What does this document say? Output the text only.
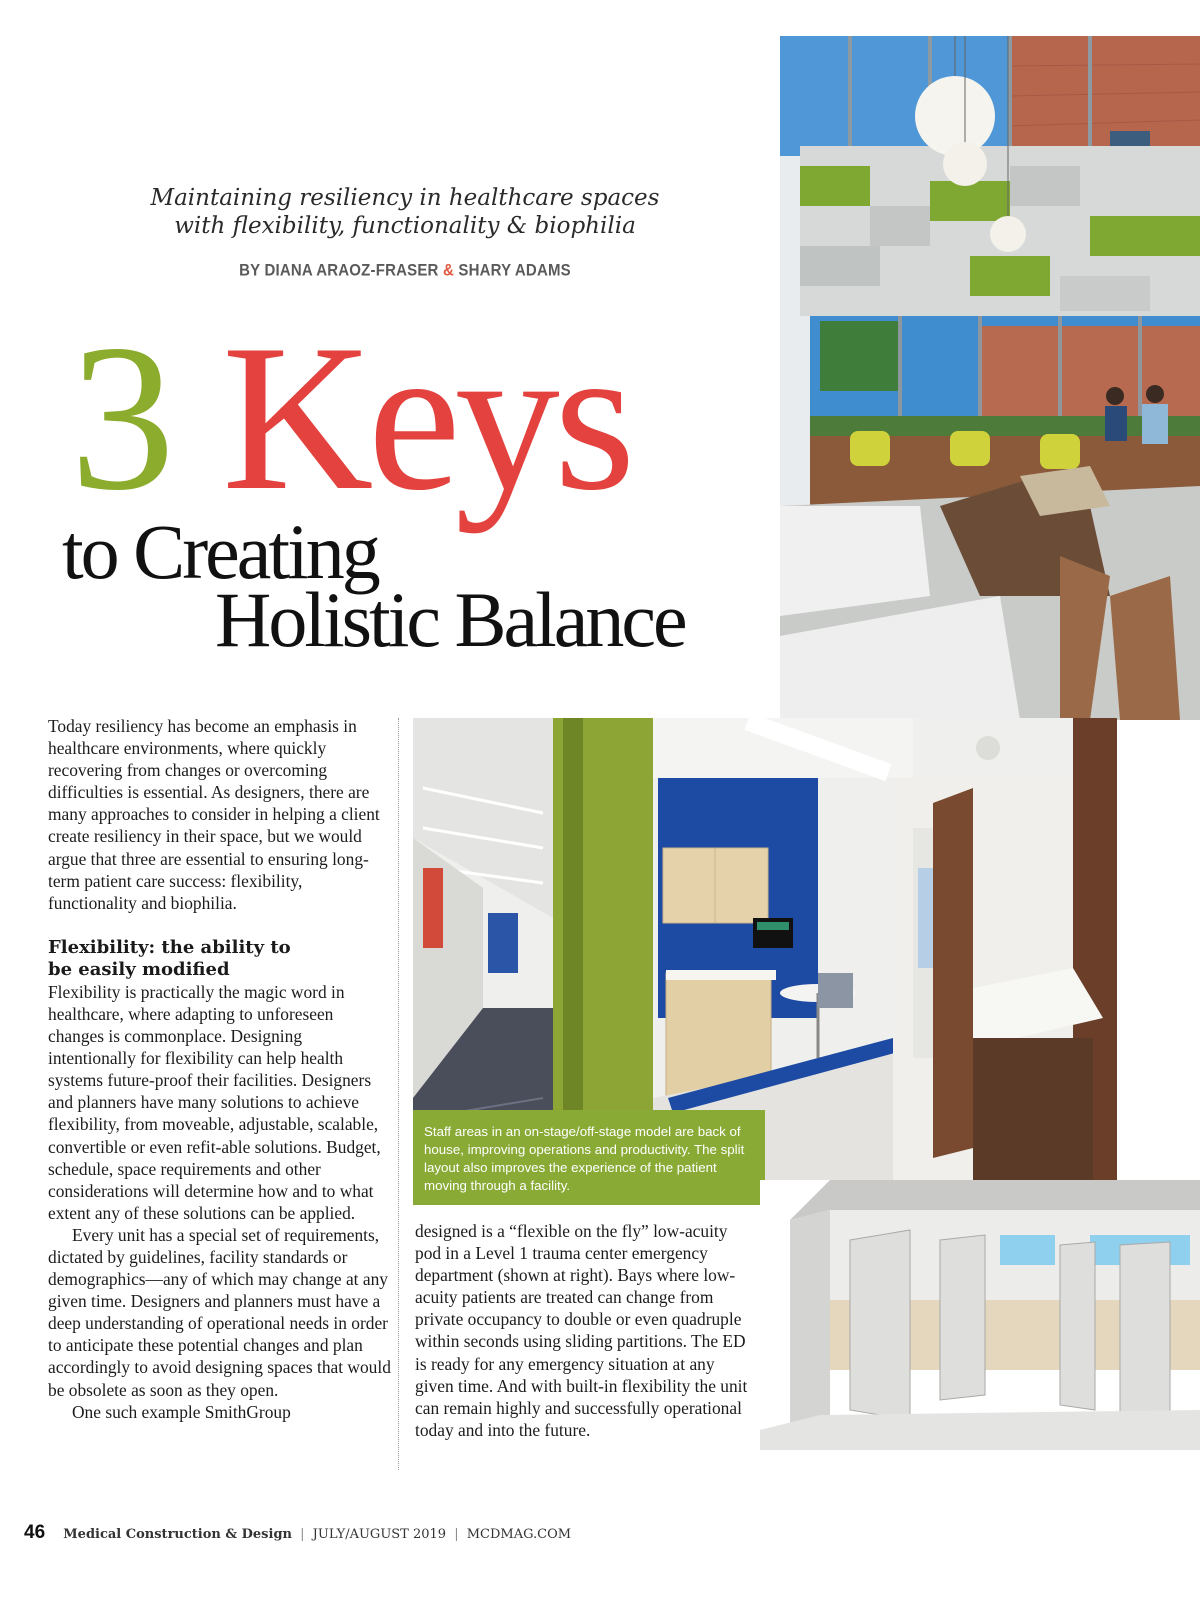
Maintaining resiliency in healthcare spaces
with flexibility, functionality & biophilia
BY DIANA ARAOZ-FRASER & SHARY ADAMS
3 Keys
to Creating
Holistic Balance
Staff areas in an on-stage/off-stage model are back of house, improving operations and productivity. The split layout also improves the experience of the patient moving through a facility.

Today resiliency has become an emphasis in healthcare environments, where quickly recovering from changes or overcoming difficulties is essential. As designers, there are many approaches to consider in helping a client create resiliency in their space, but we would argue that three are essential to ensuring long-term patient care success: flexibility, functionality and biophilia.

Flexibility: the ability to
be easily modified

Flexibility is practically the magic word in healthcare, where adapting to unforeseen changes is commonplace. Designing intentionally for flexibility can help health systems future-proof their facilities. Designers and planners have many solutions to achieve flexibility, from moveable, adjustable, scalable, convertible or even refit-able solutions. Budget, schedule, space requirements and other considerations will determine how and to what extent any of these solutions can be applied.

Every unit has a special set of requirements, dictated by guidelines, facility standards or demographics—any of which may change at any given time. Designers and planners must have a deep understanding of operational needs in order to anticipate these potential changes and plan accordingly to avoid designing spaces that would be obsolete as soon as they open.

One such example SmithGroup

designed is a “flexible on the fly” low-acuity pod in a Level 1 trauma center emergency department (shown at right). Bays where low-acuity patients are treated can change from private occupancy to double or even quadruple within seconds using sliding partitions. The ED is ready for any emergency situation at any given time. And with built-in flexibility the unit can remain highly and successfully operational today and into the future.

46 Medical Construction & Design | JULY/AUGUST 2019 | MCDMAG.COM
